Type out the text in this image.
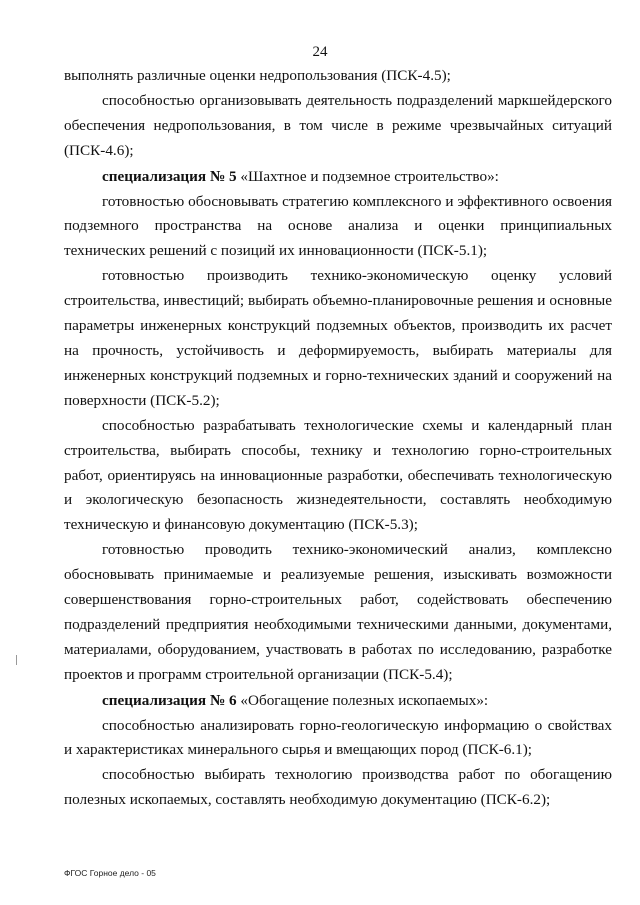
24

выполнять различные оценки недропользования (ПСК-4.5);

способностью организовывать деятельность подразделений маркшейдерского обеспечения недропользования, в том числе в режиме чрезвычайных ситуаций (ПСК-4.6);

специализация № 5 «Шахтное и подземное строительство»:

готовностью обосновывать стратегию комплексного и эффективного освоения подземного пространства на основе анализа и оценки принципиальных технических решений с позиций их инновационности (ПСК-5.1);

готовностью производить технико-экономическую оценку условий строительства, инвестиций; выбирать объемно-планировочные решения и основные параметры инженерных конструкций подземных объектов, производить их расчет на прочность, устойчивость и деформируемость, выбирать материалы для инженерных конструкций подземных и горно-технических зданий и сооружений на поверхности (ПСК-5.2);

способностью разрабатывать технологические схемы и календарный план строительства, выбирать способы, технику и технологию горно-строительных работ, ориентируясь на инновационные разработки, обеспечивать технологическую и экологическую безопасность жизнедеятельности, составлять необходимую техническую и финансовую документацию (ПСК-5.3);

готовностью проводить технико-экономический анализ, комплексно обосновывать принимаемые и реализуемые решения, изыскивать возможности совершенствования горно-строительных работ, содействовать обеспечению подразделений предприятия необходимыми техническими данными, документами, материалами, оборудованием, участвовать в работах по исследованию, разработке проектов и программ строительной организации (ПСК-5.4);

специализация № 6 «Обогащение полезных ископаемых»:

способностью анализировать горно-геологическую информацию о свойствах и характеристиках минерального сырья и вмещающих пород (ПСК-6.1);

способностью выбирать технологию производства работ по обогащению полезных ископаемых, составлять необходимую документацию (ПСК-6.2);

ФГОС Горное дело - 05
